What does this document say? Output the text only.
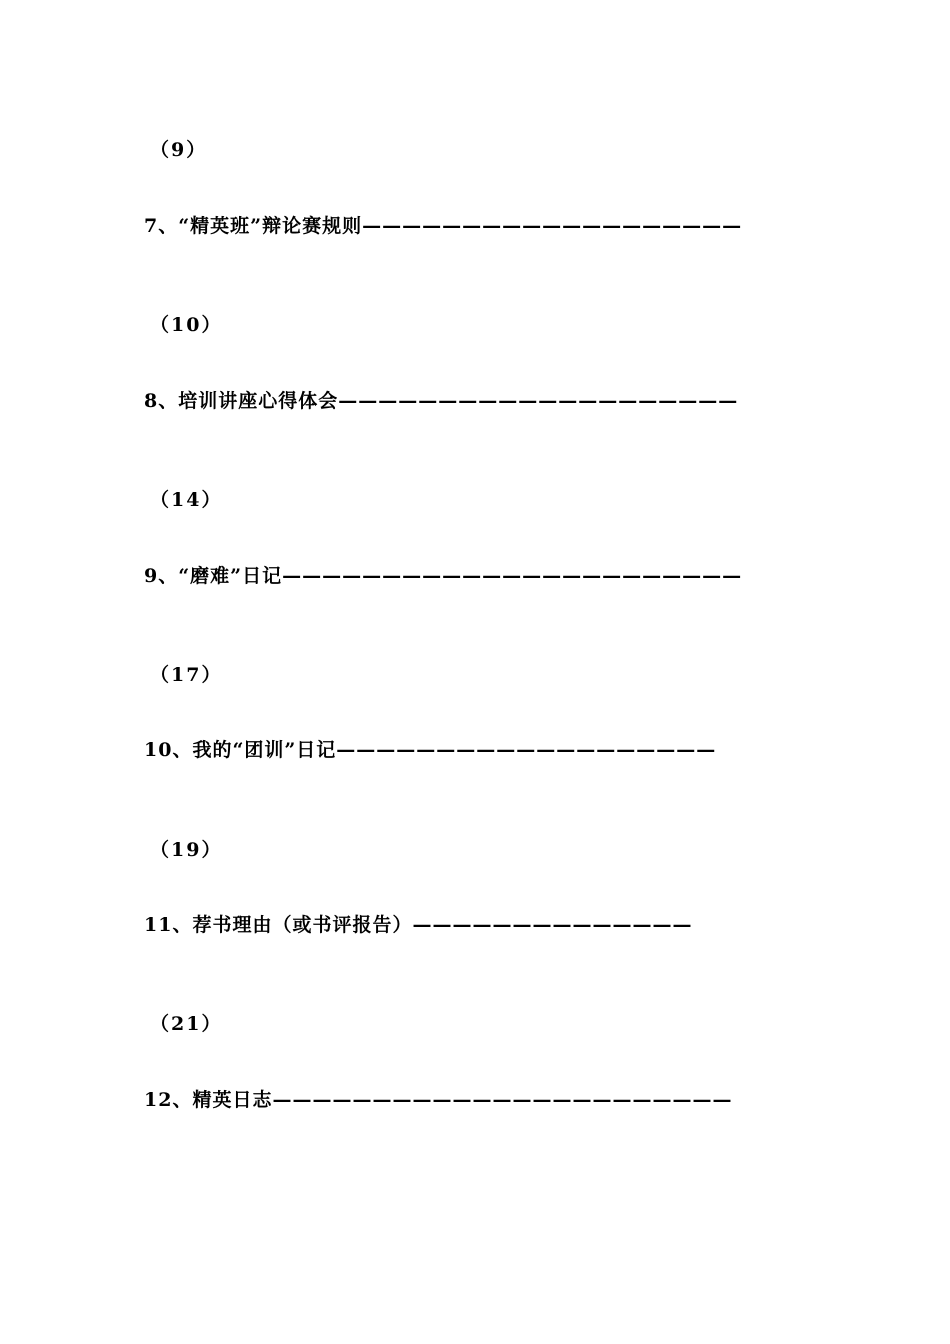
（9）
7、“精英班”辩论赛规则———————————————————
（10）
8、培训讲座心得体会————————————————————
（14）
9、“磨难”日记———————————————————————
（17）
10、我的“团训”日记———————————————————
（19）
11、荐书理由（或书评报告）——————————————
（21）
12、精英日志———————————————————————
